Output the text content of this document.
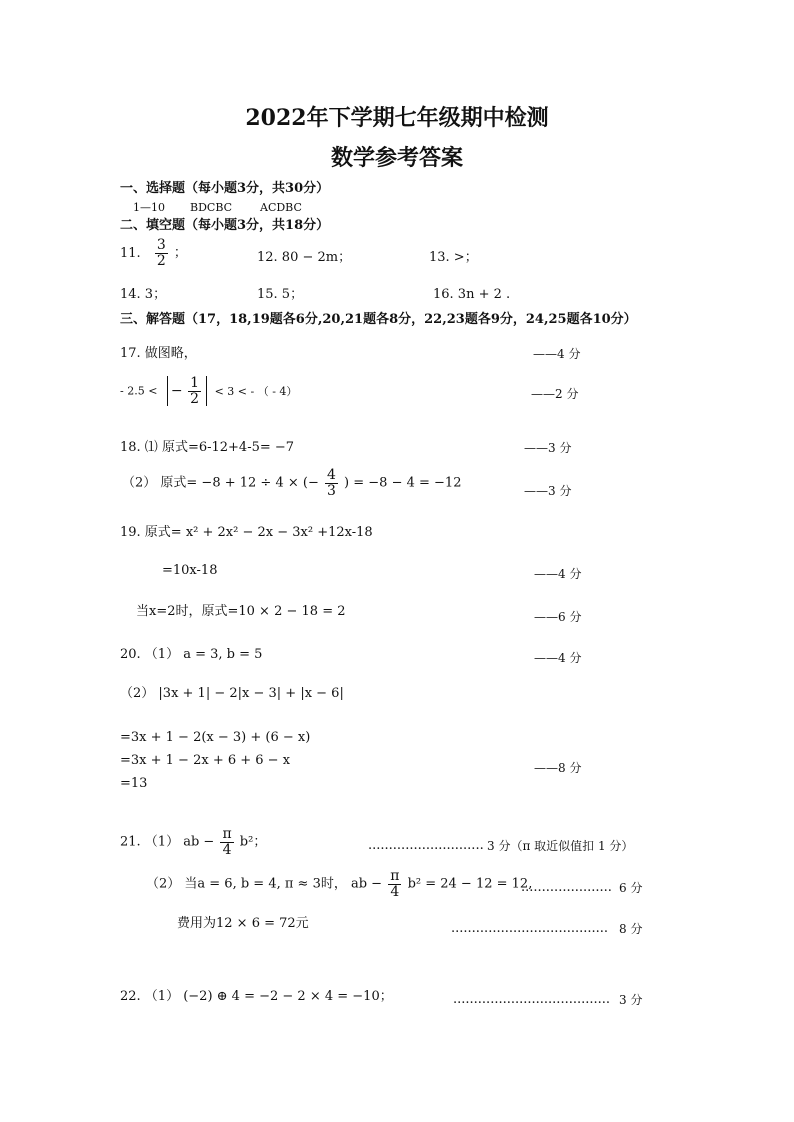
2022年下学期七年级期中检测
数学参考答案
一、选择题（每小题3分，共30分）
1—10 BDCBC	ACDBC
二、填空题（每小题3分，共18分）
11. $\frac{3}{2}$ ；	12. 80 − 2m；	13. >；
14. 3；	15. 5；	16. 3n + 2 .
三、解答题（17，18,19题各6分,20,21题各8分，22,23题各9分，24,25题各10分）
17. 做图略，	——4 分
- 2.5 < − $\frac{1}{2} < 3$ < - （ - 4）	——2 分
18. ⑴ 原式=6-12+4-5= −7	——3 分
（2） 原式= −8 + 12 ÷ 4 × (− $\frac{4}{3}$ ) = −8 − 4 = −12
——3 分
19. 原式= x² + 2x² − 2x − 3x² +12x-18
=10x-18	——4 分
当x=2时，原式=10 × 2 − 18 = 2	——6 分
20. （1） a = 3, b = 5	——4 分
（2） |3x + 1| − 2|x − 3| + |x − 6|
=3x + 1 − 2(x − 3) + (6 − x)
=3x + 1 − 2x + 6 + 6 − x
=13
——8 分
21. （1） ab − $\frac{\pi}{4} b^2$；	............................ 3 分（π 取近似值扣 1 分）
（2） 当a = 6, b = 4, π ≈ 3时， ab − $\frac{\pi}{4} b^2 = 24 - 12 = 12$,
...................... 6 分
费用为12 × 6 = 72元	...................................... 8 分
22. （1） (−2) ⊕ 4 = −2 − 2 × 4 = −10；	...................................... 3 分
